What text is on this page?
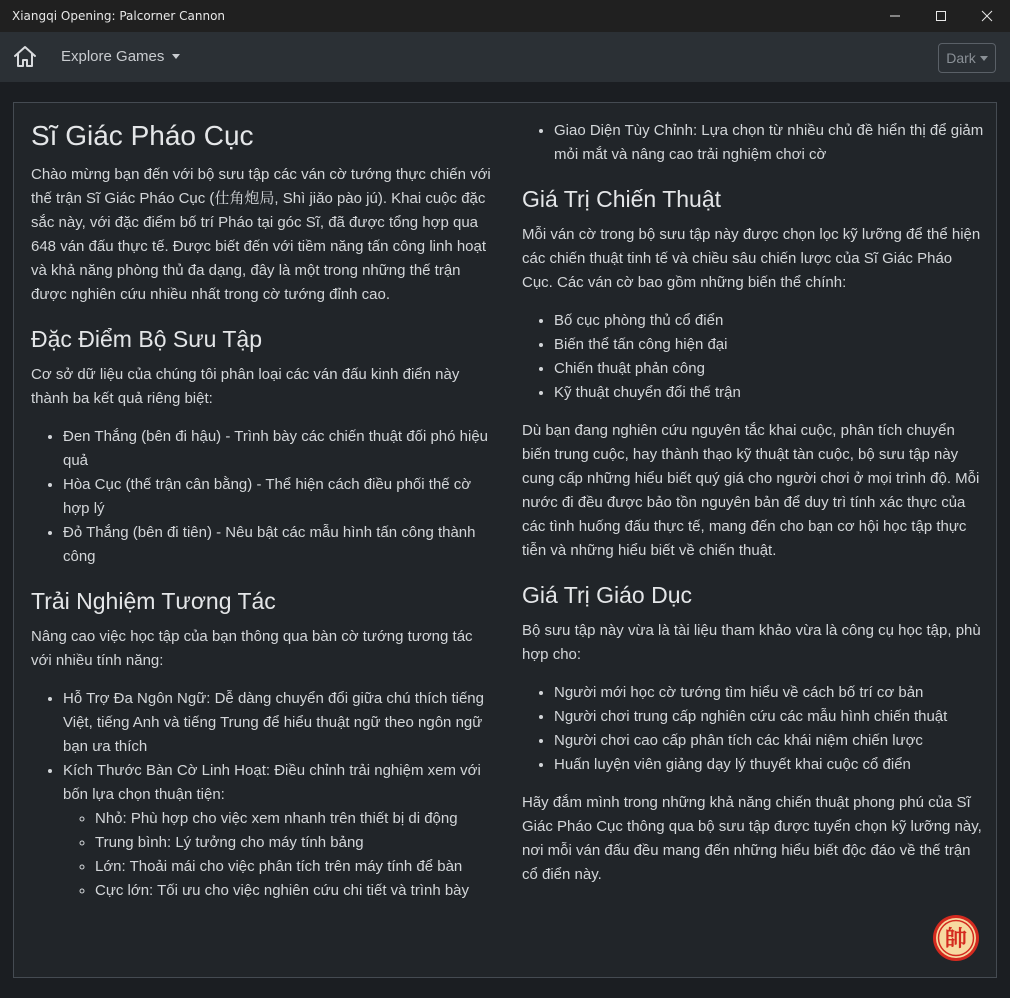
Xiangqi Opening: Palcorner Cannon
Explore Games	Dark
Sĩ Giác Pháo Cục

Chào mừng bạn đến với bộ sưu tập các ván cờ tướng thực chiến với thế trận Sĩ Giác Pháo Cục (仕角炮局, Shì jiǎo pào jú). Khai cuộc đặc sắc này, với đặc điểm bố trí Pháo tại góc Sĩ, đã được tổng hợp qua 648 ván đấu thực tế. Được biết đến với tiềm năng tấn công linh hoạt và khả năng phòng thủ đa dạng, đây là một trong những thế trận được nghiên cứu nhiều nhất trong cờ tướng đỉnh cao.

Đặc Điểm Bộ Sưu Tập

Cơ sở dữ liệu của chúng tôi phân loại các ván đấu kinh điển này thành ba kết quả riêng biệt:

• Đen Thắng (bên đi hậu) - Trình bày các chiến thuật đối phó hiệu quả
• Hòa Cục (thế trận cân bằng) - Thể hiện cách điều phối thế cờ hợp lý
• Đỏ Thắng (bên đi tiên) - Nêu bật các mẫu hình tấn công thành công
Trải Nghiệm Tương Tác

Nâng cao việc học tập của bạn thông qua bàn cờ tướng tương tác với nhiều tính năng:

• Hỗ Trợ Đa Ngôn Ngữ: Dễ dàng chuyển đổi giữa chú thích tiếng Việt, tiếng Anh và tiếng Trung để hiểu thuật ngữ theo ngôn ngữ bạn ưa thích
• Kích Thước Bàn Cờ Linh Hoạt: Điều chỉnh trải nghiệm xem với bốn lựa chọn thuận tiện:
◦ Nhỏ: Phù hợp cho việc xem nhanh trên thiết bị di động
◦ Trung bình: Lý tưởng cho máy tính bảng
◦ Lớn: Thoải mái cho việc phân tích trên máy tính để bàn
◦ Cực lớn: Tối ưu cho việc nghiên cứu chi tiết và trình bày
• Giao Diện Tùy Chỉnh: Lựa chọn từ nhiều chủ đề hiển thị để giảm mỏi mắt và nâng cao trải nghiệm chơi cờ
Giá Trị Chiến Thuật

Mỗi ván cờ trong bộ sưu tập này được chọn lọc kỹ lưỡng để thể hiện các chiến thuật tinh tế và chiều sâu chiến lược của Sĩ Giác Pháo Cục. Các ván cờ bao gồm những biến thể chính:

• Bố cục phòng thủ cổ điển
• Biến thể tấn công hiện đại
• Chiến thuật phản công
• Kỹ thuật chuyển đổi thế trận

Dù bạn đang nghiên cứu nguyên tắc khai cuộc, phân tích chuyển biến trung cuộc, hay thành thạo kỹ thuật tàn cuộc, bộ sưu tập này cung cấp những hiểu biết quý giá cho người chơi ở mọi trình độ. Mỗi nước đi đều được bảo tồn nguyên bản để duy trì tính xác thực của các tình huống đấu thực tế, mang đến cho bạn cơ hội học tập thực tiễn và những hiểu biết về chiến thuật.

Giá Trị Giáo Dục

Bộ sưu tập này vừa là tài liệu tham khảo vừa là công cụ học tập, phù hợp cho:

• Người mới học cờ tướng tìm hiểu về cách bố trí cơ bản
• Người chơi trung cấp nghiên cứu các mẫu hình chiến thuật
• Người chơi cao cấp phân tích các khái niệm chiến lược
• Huấn luyện viên giảng dạy lý thuyết khai cuộc cổ điển

Hãy đắm mình trong những khả năng chiến thuật phong phú của Sĩ Giác Pháo Cục thông qua bộ sưu tập được tuyển chọn kỹ lưỡng này, nơi mỗi ván đấu đều mang đến những hiểu biết độc đáo về thế trận cổ điển này.

帥
